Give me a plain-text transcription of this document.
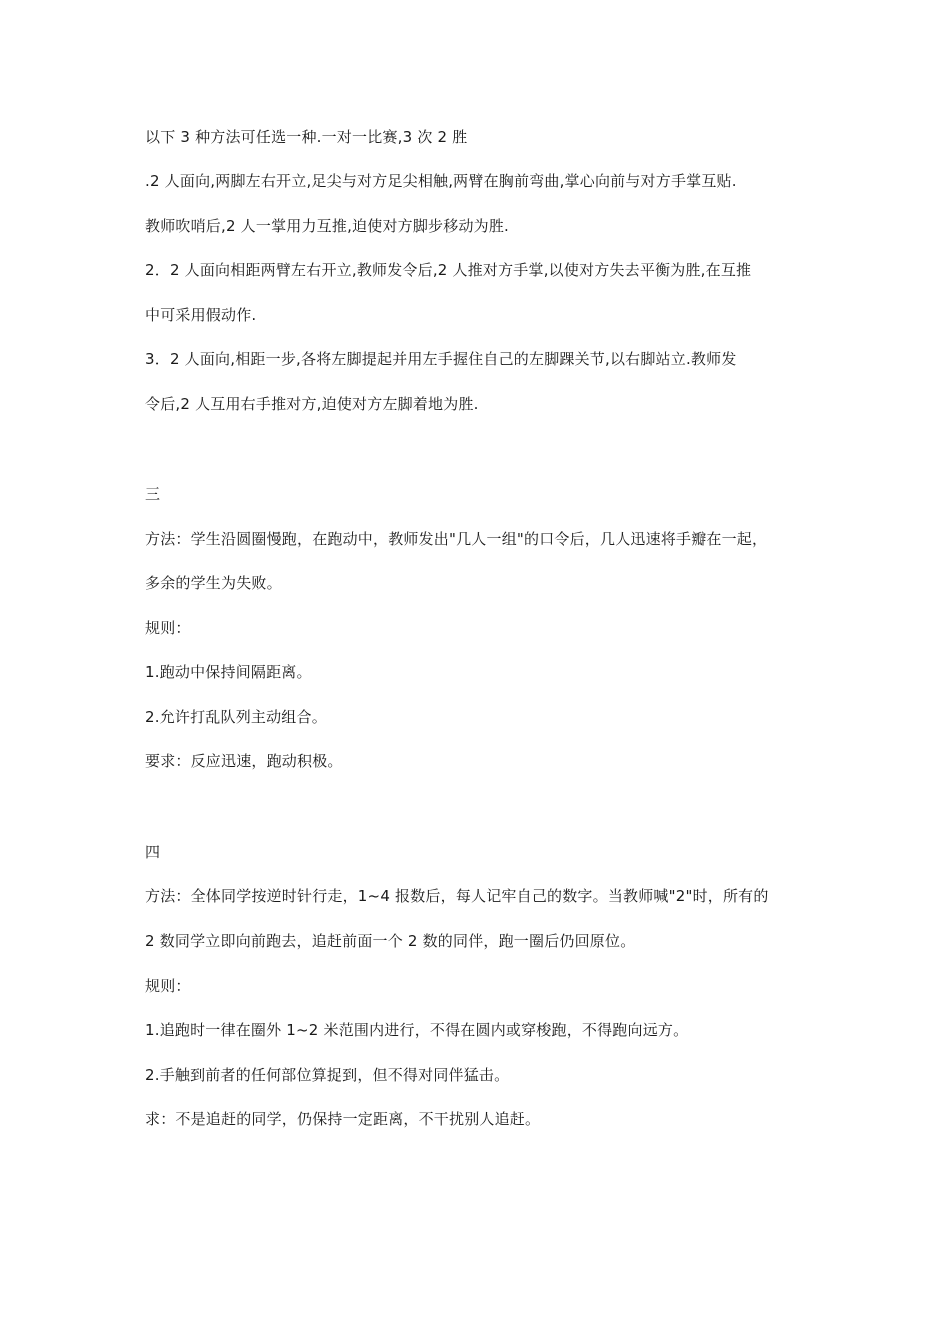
以下 3 种方法可任选一种.一对一比赛,3 次 2 胜
.2 人面向,两脚左右开立,足尖与对方足尖相触,两臂在胸前弯曲,掌心向前与对方手掌互贴.
教师吹哨后,2 人一掌用力互推,迫使对方脚步移动为胜.
2．2 人面向相距两臂左右开立,教师发令后,2 人推对方手掌,以使对方失去平衡为胜,在互推
中可采用假动作.
3．2 人面向,相距一步,各将左脚提起并用左手握住自己的左脚踝关节,以右脚站立.教师发
令后,2 人互用右手推对方,迫使对方左脚着地为胜.
三
方法：学生沿圆圈慢跑，在跑动中，教师发出"几人一组"的口令后，几人迅速将手瓣在一起，
多余的学生为失败。
规则：
1.跑动中保持间隔距离。
2.允许打乱队列主动组合。
要求：反应迅速，跑动积极。
四
方法：全体同学按逆时针行走，1~4 报数后，每人记牢自己的数字。当教师喊"2"时，所有的
2 数同学立即向前跑去，追赶前面一个 2 数的同伴，跑一圈后仍回原位。
规则：
1.追跑时一律在圈外 1~2 米范围内进行，不得在圆内或穿梭跑，不得跑向远方。
2.手触到前者的任何部位算捉到，但不得对同伴猛击。
求：不是追赶的同学，仍保持一定距离，不干扰别人追赶。
